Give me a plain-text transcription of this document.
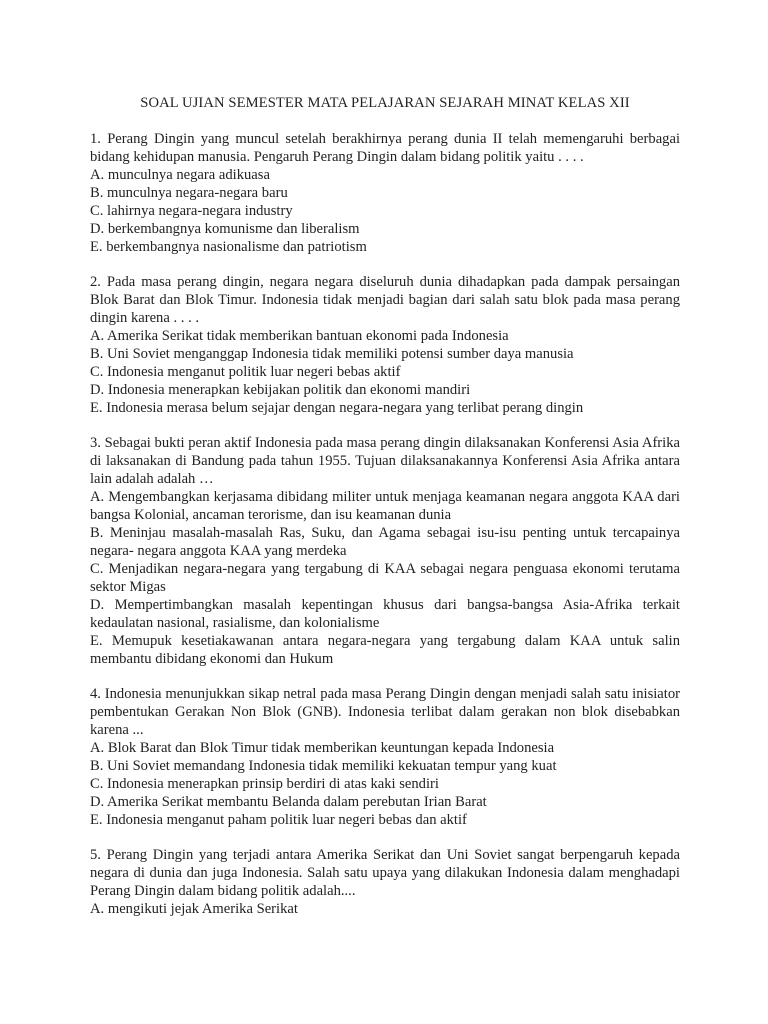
SOAL UJIAN SEMESTER MATA PELAJARAN SEJARAH MINAT KELAS XII

1. Perang Dingin yang muncul setelah berakhirnya perang dunia II telah memengaruhi berbagai bidang kehidupan manusia. Pengaruh Perang Dingin dalam bidang politik yaitu . . . .

A. munculnya negara adikuasa
B. munculnya negara-negara baru
C. lahirnya negara-negara industry
D. berkembangnya komunisme dan liberalism
E. berkembangnya nasionalisme dan patriotism

2. Pada masa perang dingin, negara negara diseluruh dunia dihadapkan pada dampak persaingan Blok Barat dan Blok Timur. Indonesia tidak menjadi bagian dari salah satu blok pada masa perang dingin karena . . . .

A. Amerika Serikat tidak memberikan bantuan ekonomi pada Indonesia
B. Uni Soviet menganggap Indonesia tidak memiliki potensi sumber daya manusia
C. Indonesia menganut politik luar negeri bebas aktif
D. Indonesia menerapkan kebijakan politik dan ekonomi mandiri
E. Indonesia merasa belum sejajar dengan negara-negara yang terlibat perang dingin

3. Sebagai bukti peran aktif Indonesia pada masa perang dingin dilaksanakan Konferensi Asia Afrika di laksanakan di Bandung pada tahun 1955. Tujuan dilaksanakannya Konferensi Asia Afrika antara lain adalah adalah …

A. Mengembangkan kerjasama dibidang militer untuk menjaga keamanan negara anggota KAA dari bangsa Kolonial, ancaman terorisme, dan isu keamanan dunia
B. Meninjau masalah-masalah Ras, Suku, dan Agama sebagai isu-isu penting untuk tercapainya negara- negara anggota KAA yang merdeka
C. Menjadikan negara-negara yang tergabung di KAA sebagai negara penguasa ekonomi terutama sektor Migas
D. Mempertimbangkan masalah kepentingan khusus dari bangsa-bangsa Asia-Afrika terkait kedaulatan nasional, rasialisme, dan kolonialisme
E. Memupuk kesetiakawanan antara negara-negara yang tergabung dalam KAA untuk salin membantu dibidang ekonomi dan Hukum

4. Indonesia menunjukkan sikap netral pada masa Perang Dingin dengan menjadi salah satu inisiator pembentukan Gerakan Non Blok (GNB). Indonesia terlibat dalam gerakan non blok disebabkan karena ...

A. Blok Barat dan Blok Timur tidak memberikan keuntungan kepada Indonesia
B. Uni Soviet memandang Indonesia tidak memiliki kekuatan tempur yang kuat
C. Indonesia menerapkan prinsip berdiri di atas kaki sendiri
D. Amerika Serikat membantu Belanda dalam perebutan Irian Barat
E. Indonesia menganut paham politik luar negeri bebas dan aktif

5. Perang Dingin yang terjadi antara Amerika Serikat dan Uni Soviet sangat berpengaruh kepada negara di dunia dan juga Indonesia. Salah satu upaya yang dilakukan Indonesia dalam menghadapi Perang Dingin dalam bidang politik adalah....

A. mengikuti jejak Amerika Serikat
